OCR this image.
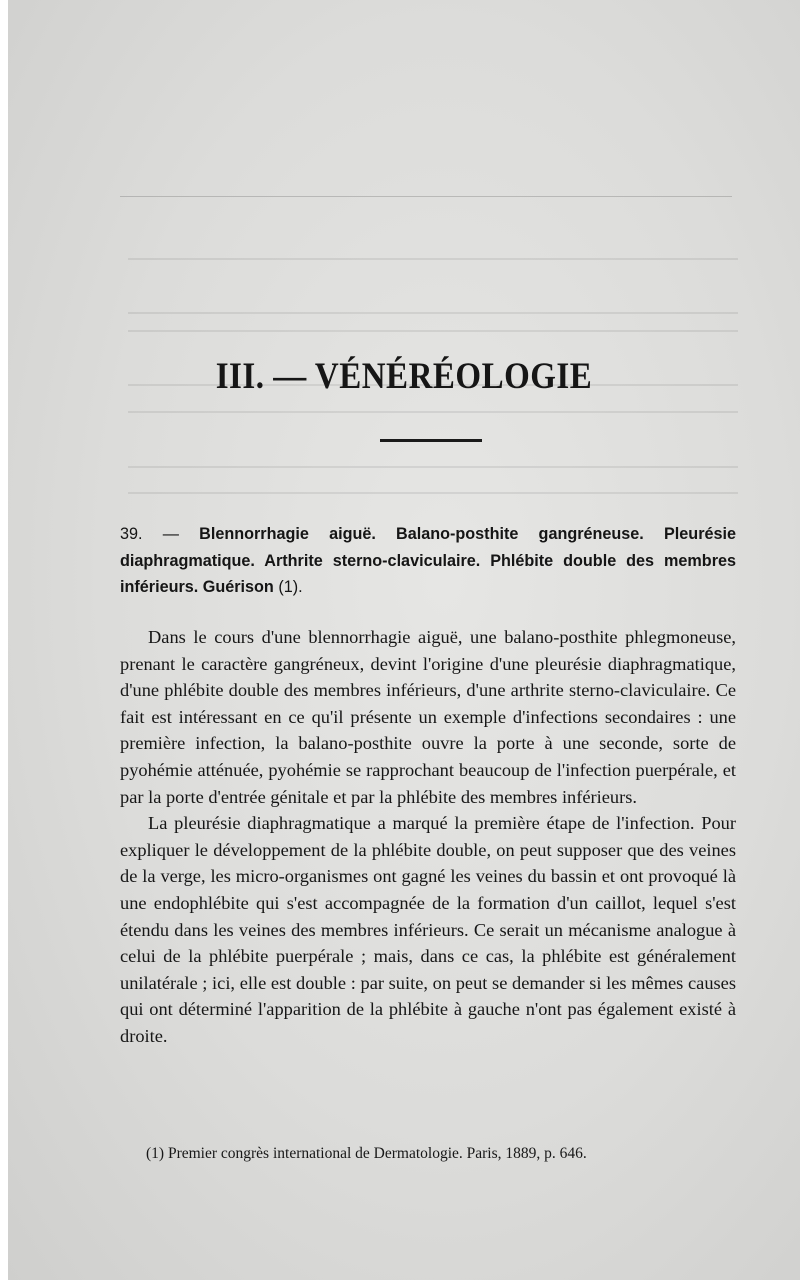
III. — VÉNÉRÉOLOGIE
39. — Blennorrhagie aiguë. Balano-posthite gangréneuse. Pleurésie diaphragmatique. Arthrite sterno-claviculaire. Phlébite double des membres inférieurs. Guérison (1).

Dans le cours d'une blennorrhagie aiguë, une balano-posthite phlegmoneuse, prenant le caractère gangréneux, devint l'origine d'une pleurésie diaphragmatique, d'une phlébite double des membres inférieurs, d'une arthrite sterno-claviculaire. Ce fait est intéressant en ce qu'il présente un exemple d'infections secondaires : une première infection, la balano-posthite ouvre la porte à une seconde, sorte de pyohémie atténuée, pyohémie se rapprochant beaucoup de l'infection puerpérale, et par la porte d'entrée génitale et par la phlébite des membres inférieurs.

La pleurésie diaphragmatique a marqué la première étape de l'infection. Pour expliquer le développement de la phlébite double, on peut supposer que des veines de la verge, les micro-organismes ont gagné les veines du bassin et ont provoqué là une endophlébite qui s'est accompagnée de la formation d'un caillot, lequel s'est étendu dans les veines des membres inférieurs. Ce serait un mécanisme analogue à celui de la phlébite puerpérale ; mais, dans ce cas, la phlébite est généralement unilatérale ; ici, elle est double : par suite, on peut se demander si les mêmes causes qui ont déterminé l'apparition de la phlébite à gauche n'ont pas également existé à droite.

(1) Premier congrès international de Dermatologie. Paris, 1889, p. 646.
